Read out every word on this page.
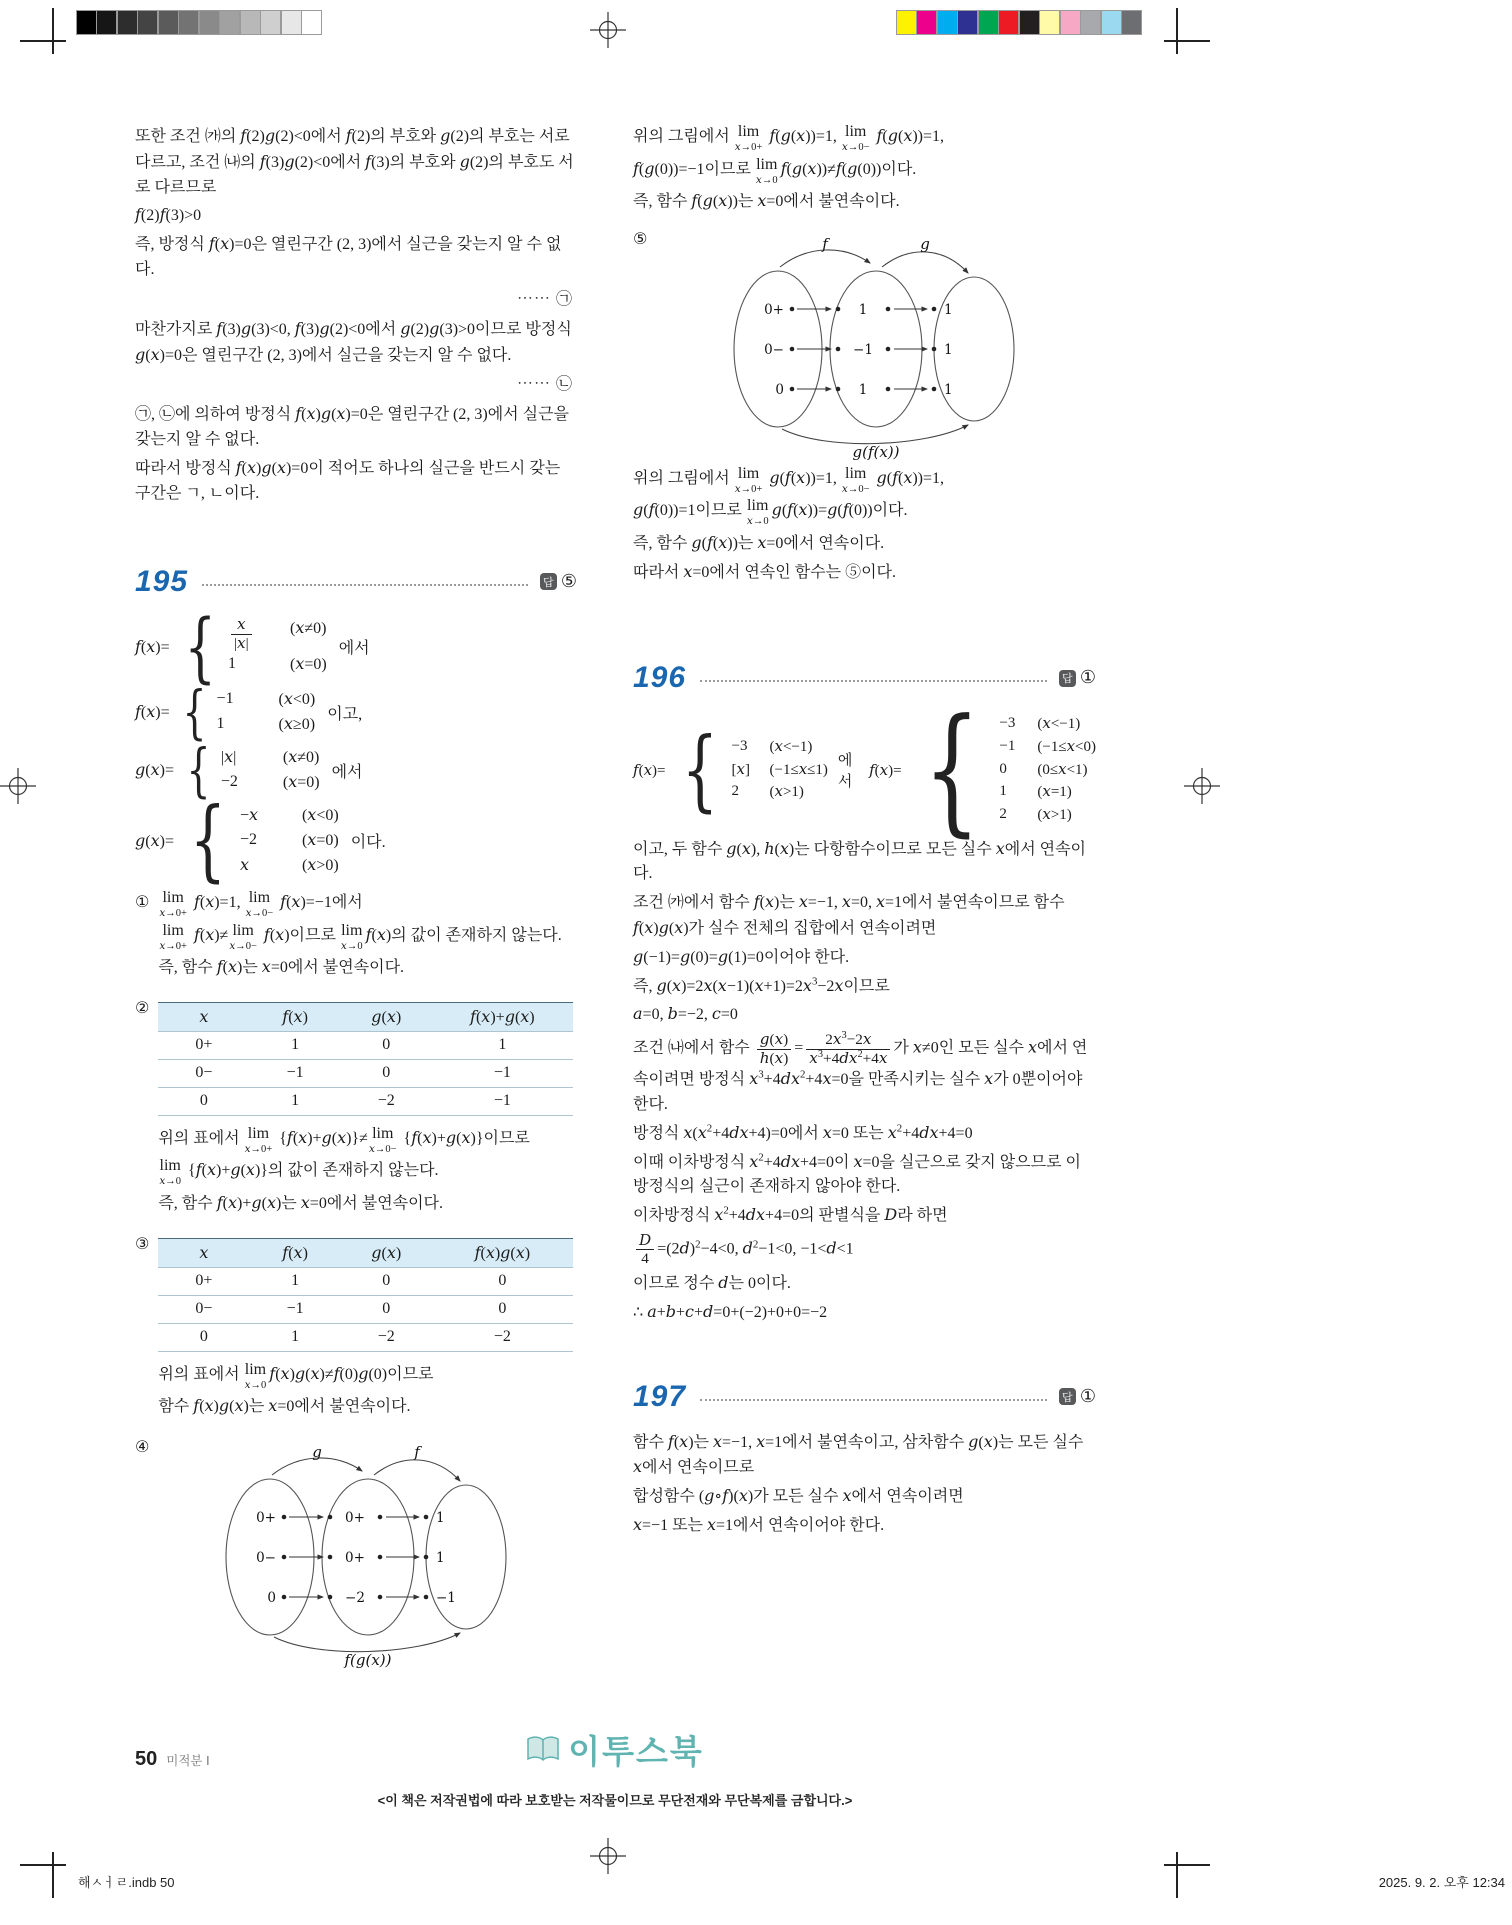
또한 조건 ㈎의 f(2)g(2)<0에서 f(2)의 부호와 g(2)의 부호는 서로 다르고, 조건 ㈏의 f(3)g(2)<0에서 f(3)의 부호와 g(2)의 부호도 서로 다르므로
f(2)f(3)>0
즉, 방정식 f(x)=0은 열린구간 (2, 3)에서 실근을 갖는지 알 수 없다.
⋯⋯ ㉠
마찬가지로 f(3)g(3)<0, f(3)g(2)<0에서 g(2)g(3)>0이므로 방정식 g(x)=0은 열린구간 (2, 3)에서 실근을 갖는지 알 수 없다.
⋯⋯ ㉡
㉠, ㉡에 의하여 방정식 f(x)g(x)=0은 열린구간 (2, 3)에서 실근을 갖는지 알 수 없다.
따라서 방정식 f(x)g(x)=0이 적어도 하나의 실근을 반드시 갖는 구간은 ㄱ, ㄴ이다.
195	답 ⑤
f(x)= { $\frac{x}{|x|} (x\ne 0)$
1	(x=0)
에서
f(x)= { −1	(x<0)
1	(x≥0)
이고,
g(x)= { |x|	(x≠0)
−2	(x=0)
에서
g(x)= { −x	(x<0)
−2	(x=0)
x	(x>0)
이다.
① lim
x→0+
f(x)=1, lim
x→0−
f(x)=−1에서
lim
x→0+
f(x)≠ lim
x→0−
f(x)이므로 lim
x→0
f(x)의 값이 존재하지 않는다.
즉, 함수 f(x)는 x=0에서 불연속이다.
②	x	f(x)	g(x)	f(x)+g(x)
0+	1	0	1
0−	−1	0	−1
0	1	−2	−1
위의 표에서 lim
x→0+
{f(x)+g(x)}≠ lim
x→0−
{f(x)+g(x)}이므로
lim
x→0
{f(x)+g(x)}의 값이 존재하지 않는다.
즉, 함수 f(x)+g(x)는 x=0에서 불연속이다.
③	x	f(x)	g(x)	f(x)g(x)
0+	1	0	0
0−	−1	0	0
0	1	−2	−2
위의 표에서 lim
x→0
f(x)g(x)≠f(0)g(0)이므로
함수 f(x)g(x)는 x=0에서 불연속이다.
④	g	f
0+	0+	1
0−	0+	1
0	−2	−1
f(g(x))
위의 그림에서 lim
x→0+
f(g(x))=1, lim
x→0−
f(g(x))=1,
f(g(0))=−1이므로 lim
x→0
f(g(x))≠f(g(0))이다.
즉, 함수 f(g(x))는 x=0에서 불연속이다.
⑤	f	g
0+	1	1
0−	−1	1
0	1	1
g(f(x))
위의 그림에서 lim
x→0+
g(f(x))=1, lim
x→0−
g(f(x))=1,
g(f(0))=1이므로 lim
x→0
g(f(x))=g(f(0))이다.
즉, 함수 g(f(x))는 x=0에서 연속이다.
따라서 x=0에서 연속인 함수는 ⑤이다.
196	답 ①
f(x)= { −3	(x<−1)
[x]	(−1≤x≤1)
2	(x>1)
에서
f(x)= { −3	(x<−1)
−1	(−1≤x<0)
0	(0≤x<1)
1	(x=1)
2	(x>1)
이고, 두 함수 g(x), h(x)는 다항함수이므로 모든 실수 x에서 연속이다.
조건 ㈎에서 함수 f(x)는 x=−1, x=0, x=1에서 불연속이므로 함수 f(x)g(x)가 실수 전체의 집합에서 연속이려면
g(−1)=g(0)=g(1)=0이어야 한다.
즉, $g(x)=2x(x-1)(x+1)=2x^3-2x$이므로
a=0, b=−2, c=0
조건 ㈏에서 함수 $\frac{g(x)}{h(x)} = \frac{2x^3-2x}{x^3+4dx^2+4x}$ 가 x≠0인 모든 실수 x에서 연속이려면 방정식 $x^3+4dx^2+4x=0$을 만족시키는 실수 x가 0뿐이어야 한다.
방정식 $x(x^2+4dx+4)=0$에서 x=0 또는 $x^2+4dx+4=0$
이때 이차방정식 $x^2+4dx+4=0$이 x=0을 실근으로 갖지 않으므로 이 방정식의 실근이 존재하지 않아야 한다.
이차방정식 $x^2+4dx+4=0$의 판별식을 D라 하면
$\frac{D}{4} =(2d)^2-4<0$, $d^2-1<0$, −1<d<1
이므로 정수 d는 0이다.
∴ a+b+c+d=0+(−2)+0+0=−2
197	답 ①
함수 f(x)는 x=−1, x=1에서 불연속이고, 삼차함수 g(x)는 모든 실수 x에서 연속이므로
합성함수 (g∘f)(x)가 모든 실수 x에서 연속이려면
x=−1 또는 x=1에서 연속이어야 한다.
50 미적분 Ⅰ	이투스북
<이 책은 저작권법에 따라 보호받는 저작물이므로 무단전재와 무단복제를 금합니다.>
해ㅅㅓㄹ.indb 50	2025. 9. 2. 오후 12:34
